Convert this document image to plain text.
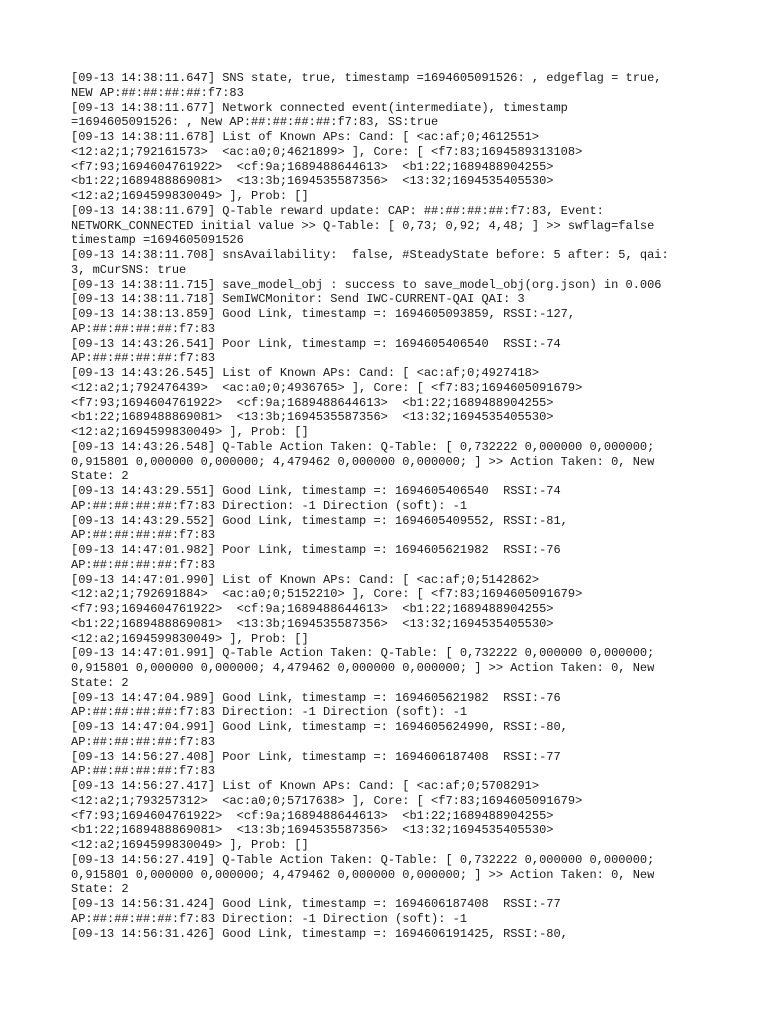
[09-13 14:38:11.647] SNS state, true, timestamp =1694605091526: , edgeflag = true,
NEW AP:##:##:##:##:f7:83
[09-13 14:38:11.677] Network connected event(intermediate), timestamp
=1694605091526: , New AP:##:##:##:##:f7:83, SS:true
[09-13 14:38:11.678] List of Known APs: Cand: [ <ac:af;0;4612551>
<12:a2;1;792161573>  <ac:a0;0;4621899> ], Core: [ <f7:83;1694589313108>
<f7:93;1694604761922>  <cf:9a;1689488644613>  <b1:22;1689488904255>
<b1:22;1689488869081>  <13:3b;1694535587356>  <13:32;1694535405530>
<12:a2;1694599830049> ], Prob: []
[09-13 14:38:11.679] Q-Table reward update: CAP: ##:##:##:##:f7:83, Event:
NETWORK_CONNECTED initial value >> Q-Table: [ 0,73; 0,92; 4,48; ] >> swflag=false
timestamp =1694605091526
[09-13 14:38:11.708] snsAvailability:  false, #SteadyState before: 5 after: 5, qai:
3, mCurSNS: true
[09-13 14:38:11.715] save_model_obj : success to save_model_obj(org.json) in 0.006
[09-13 14:38:11.718] SemIWCMonitor: Send IWC-CURRENT-QAI QAI: 3
[09-13 14:38:13.859] Good Link, timestamp =: 1694605093859, RSSI:-127,
AP:##:##:##:##:f7:83
[09-13 14:43:26.541] Poor Link, timestamp =: 1694605406540  RSSI:-74
AP:##:##:##:##:f7:83
[09-13 14:43:26.545] List of Known APs: Cand: [ <ac:af;0;4927418>
<12:a2;1;792476439>  <ac:a0;0;4936765> ], Core: [ <f7:83;1694605091679>
<f7:93;1694604761922>  <cf:9a;1689488644613>  <b1:22;1689488904255>
<b1:22;1689488869081>  <13:3b;1694535587356>  <13:32;1694535405530>
<12:a2;1694599830049> ], Prob: []
[09-13 14:43:26.548] Q-Table Action Taken: Q-Table: [ 0,732222 0,000000 0,000000;
0,915801 0,000000 0,000000; 4,479462 0,000000 0,000000; ] >> Action Taken: 0, New
State: 2
[09-13 14:43:29.551] Good Link, timestamp =: 1694605406540  RSSI:-74
AP:##:##:##:##:f7:83 Direction: -1 Direction (soft): -1
[09-13 14:43:29.552] Good Link, timestamp =: 1694605409552, RSSI:-81,
AP:##:##:##:##:f7:83
[09-13 14:47:01.982] Poor Link, timestamp =: 1694605621982  RSSI:-76
AP:##:##:##:##:f7:83
[09-13 14:47:01.990] List of Known APs: Cand: [ <ac:af;0;5142862>
<12:a2;1;792691884>  <ac:a0;0;5152210> ], Core: [ <f7:83;1694605091679>
<f7:93;1694604761922>  <cf:9a;1689488644613>  <b1:22;1689488904255>
<b1:22;1689488869081>  <13:3b;1694535587356>  <13:32;1694535405530>
<12:a2;1694599830049> ], Prob: []
[09-13 14:47:01.991] Q-Table Action Taken: Q-Table: [ 0,732222 0,000000 0,000000;
0,915801 0,000000 0,000000; 4,479462 0,000000 0,000000; ] >> Action Taken: 0, New
State: 2
[09-13 14:47:04.989] Good Link, timestamp =: 1694605621982  RSSI:-76
AP:##:##:##:##:f7:83 Direction: -1 Direction (soft): -1
[09-13 14:47:04.991] Good Link, timestamp =: 1694605624990, RSSI:-80,
AP:##:##:##:##:f7:83
[09-13 14:56:27.408] Poor Link, timestamp =: 1694606187408  RSSI:-77
AP:##:##:##:##:f7:83
[09-13 14:56:27.417] List of Known APs: Cand: [ <ac:af;0;5708291>
<12:a2;1;793257312>  <ac:a0;0;5717638> ], Core: [ <f7:83;1694605091679>
<f7:93;1694604761922>  <cf:9a;1689488644613>  <b1:22;1689488904255>
<b1:22;1689488869081>  <13:3b;1694535587356>  <13:32;1694535405530>
<12:a2;1694599830049> ], Prob: []
[09-13 14:56:27.419] Q-Table Action Taken: Q-Table: [ 0,732222 0,000000 0,000000;
0,915801 0,000000 0,000000; 4,479462 0,000000 0,000000; ] >> Action Taken: 0, New
State: 2
[09-13 14:56:31.424] Good Link, timestamp =: 1694606187408  RSSI:-77
AP:##:##:##:##:f7:83 Direction: -1 Direction (soft): -1
[09-13 14:56:31.426] Good Link, timestamp =: 1694606191425, RSSI:-80,
